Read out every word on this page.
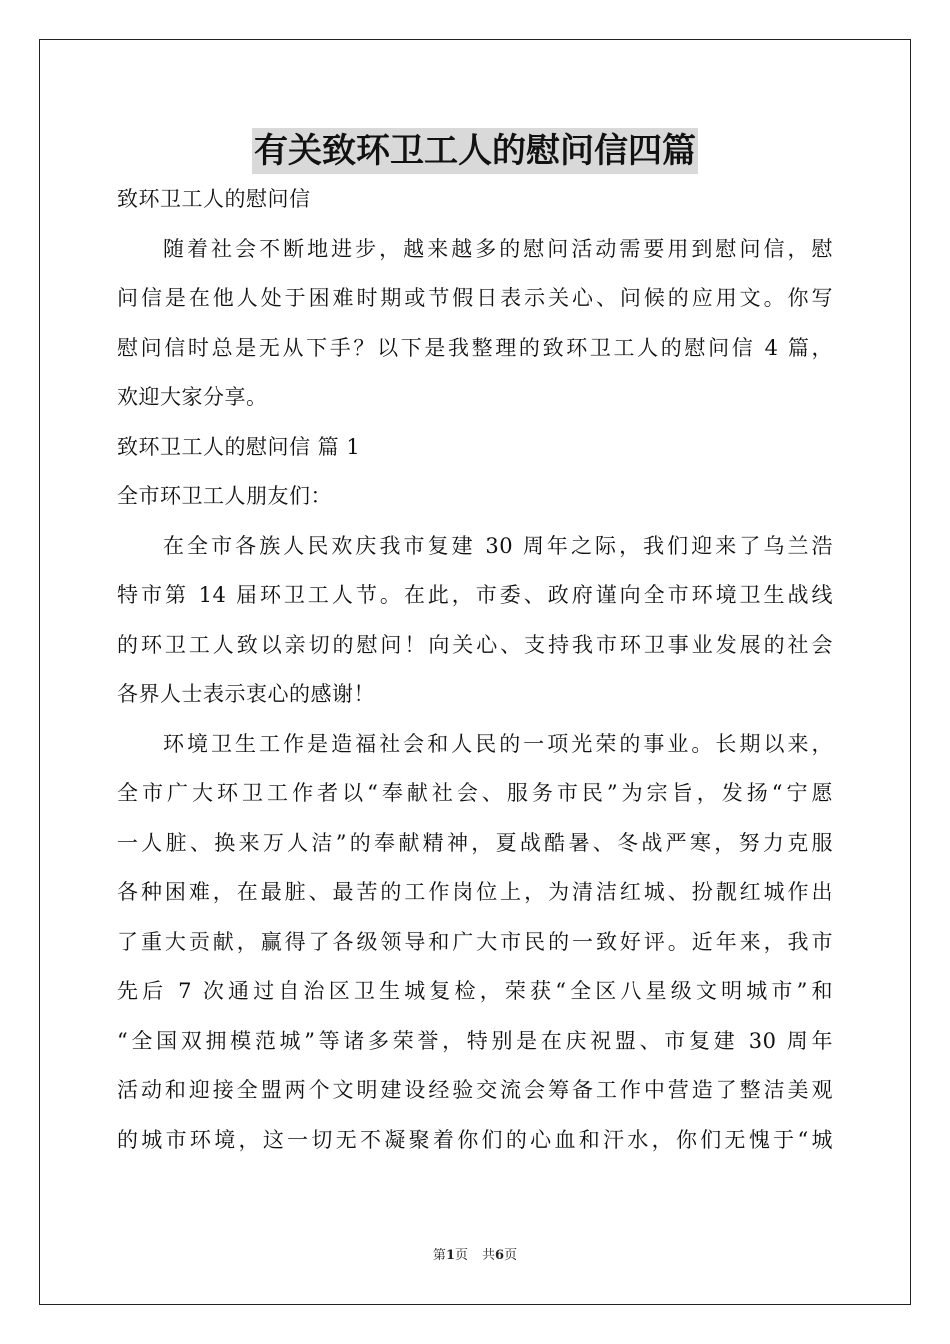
有关致环卫工人的慰问信四篇
致环卫工人的慰问信
随着社会不断地进步，越来越多的慰问活动需要用到慰问信，慰
问信是在他人处于困难时期或节假日表示关心、问候的应用文。你写
慰问信时总是无从下手？以下是我整理的致环卫工人的慰问信 4 篇，
欢迎大家分享。
致环卫工人的慰问信 篇 1
全市环卫工人朋友们：
在全市各族人民欢庆我市复建 30 周年之际，我们迎来了乌兰浩
特市第 14 届环卫工人节。在此，市委、政府谨向全市环境卫生战线
的环卫工人致以亲切的慰问！向关心、支持我市环卫事业发展的社会
各界人士表示衷心的感谢！
环境卫生工作是造福社会和人民的一项光荣的事业。长期以来，
全市广大环卫工作者以“奉献社会、服务市民”为宗旨，发扬“宁愿
一人脏、换来万人洁”的奉献精神，夏战酷暑、冬战严寒，努力克服
各种困难，在最脏、最苦的工作岗位上，为清洁红城、扮靓红城作出
了重大贡献，赢得了各级领导和广大市民的一致好评。近年来，我市
先后 7 次通过自治区卫生城复检，荣获“全区八星级文明城市”和
“全国双拥模范城”等诸多荣誉，特别是在庆祝盟、市复建 30 周年
活动和迎接全盟两个文明建设经验交流会筹备工作中营造了整洁美观
的城市环境，这一切无不凝聚着你们的心血和汗水，你们无愧于“城
第1页 共6页
